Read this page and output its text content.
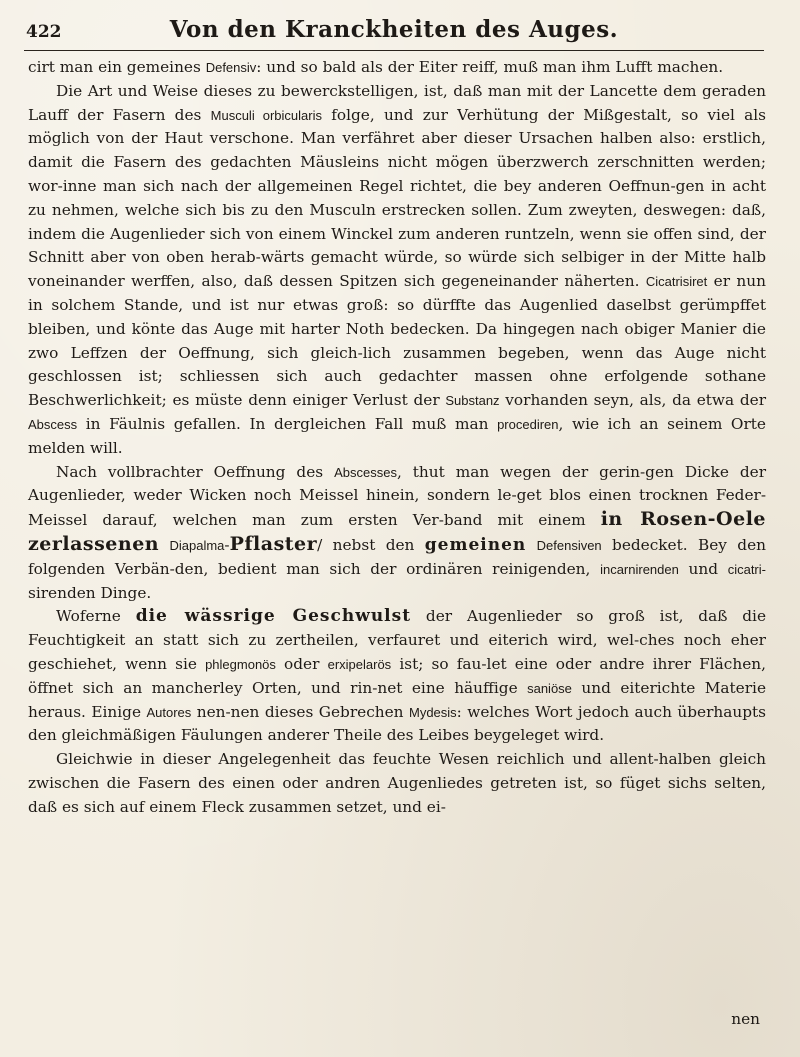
422	Von den Kranckheiten des Auges.

cirt man ein gemeines Defensiv: und so bald als der Eiter reiff, muß man ihm Lufft machen.

Die Art und Weise dieses zu bewerckstelligen, ist, daß man mit der Lancette dem geraden Lauff der Fasern des Musculi orbicularis folge, und zur Verhütung der Mißgestalt, so viel als möglich von der Haut verschone. Man verfähret aber dieser Ursachen halben also: erstlich, damit die Fasern des gedachten Mäusleins nicht mögen überzwerch zerschnitten werden; wor-inne man sich nach der allgemeinen Regel richtet, die bey anderen Oeffnun-gen in acht zu nehmen, welche sich bis zu den Musculn erstrecken sollen. Zum zweyten, deswegen: daß, indem die Augenlieder sich von einem Winckel zum anderen runtzeln, wenn sie offen sind, der Schnitt aber von oben herab-wärts gemacht würde, so würde sich selbiger in der Mitte halb voneinander werffen, also, daß dessen Spitzen sich gegeneinander näherten. Cicatrisiret er nun in solchem Stande, und ist nur etwas groß: so dürffte das Augenlied daselbst gerümpffet bleiben, und könte das Auge mit harter Noth bedecken. Da hingegen nach obiger Manier die zwo Leffzen der Oeffnung, sich gleich-lich zusammen begeben, wenn das Auge nicht geschlossen ist; schliessen sich auch gedachter massen ohne erfolgende sothane Beschwerlichkeit; es müste denn einiger Verlust der Substanz vorhanden seyn, als, da etwa der Abscess in Fäulnis gefallen. In dergleichen Fall muß man procediren, wie ich an seinem Orte melden will.

Nach vollbrachter Oeffnung des Abscesses, thut man wegen der gerin-gen Dicke der Augenlieder, weder Wicken noch Meissel hinein, sondern le-get blos einen trocknen Feder-Meissel darauf, welchen man zum ersten Ver-band mit einem in Rosen-Oele zerlassenen Diapalma-Pflaster/ nebst den gemeinen Defensiven bedecket. Bey den folgenden Verbän-den, bedient man sich der ordinären reinigenden, incarnirenden und cicatri- sirenden Dinge.

Woferne die wässrige Geschwulst der Augenlieder so groß ist, daß die Feuchtigkeit an statt sich zu zertheilen, verfauret und eiterich wird, wel-ches noch eher geschiehet, wenn sie phlegmonös oder erxipelarös ist; so fau-let eine oder andre ihrer Flächen, öffnet sich an mancherley Orten, und rin-net eine häuffige saniöse und eiterichte Materie heraus. Einige Autores nen-nen dieses Gebrechen Mydesis: welches Wort jedoch auch überhaupts den gleichmäßigen Fäulungen anderer Theile des Leibes beygeleget wird.

Gleichwie in dieser Angelegenheit das feuchte Wesen reichlich und allent-halben gleich zwischen die Fasern des einen oder andren Augenliedes getreten ist, so füget sichs selten, daß es sich auf einem Fleck zusammen setzet, und ei-

nen
